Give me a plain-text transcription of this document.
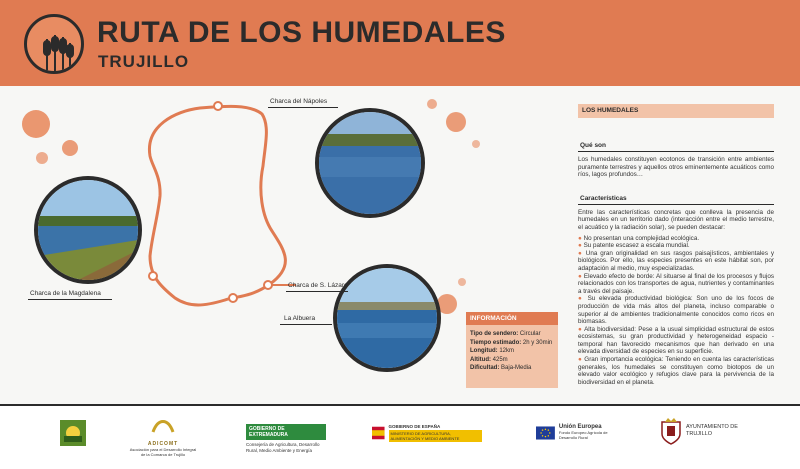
RUTA DE LOS HUMEDALES
TRUJILLO
Charca del Nápoles
Charca de la Magdalena
Charca de S. Lázaro
La Albuera	INFORMACIÓN
Tipo de sendero: Circular
Tiempo estimado: 2h y 30min
Longitud: 12km
Altitud: 425m
Dificultad: Baja-Media
LOS HUMEDALES
Qué son
Los humedales constituyen ecotonos de transición entre ambientes puramente terrestres y aquellos otros eminentemente acuáticos como ríos, lagos profundos…
Características
Entre las características concretas que conlleva la presencia de humedales en un territorio dado (interacción entre el medio terrestre, el acuático y la radiación solar), se pueden destacar:
● No presentan una complejidad ecológica.
● Su patente escasez a escala mundial.
● Una gran originalidad en sus rasgos paisajísticos, ambientales y biológicos. Por ello, las especies presentes en este hábitat son, por adaptación al medio, muy especializadas.
● Elevado efecto de borde: Al situarse al final de los procesos y flujos relacionados con los transportes de agua, nutrientes y contaminantes a través del paisaje.
● Su elevada productividad biológica: Son uno de los focos de producción de vida más altos del planeta, incluso comparable o superior al de ambientes tradicionalmente conocidos como ricos en biomasas.
● Alta biodiversidad: Pese a la usual simplicidad estructural de estos ecosistemas, su gran productividad y heterogeneidad espacio - temporal han favorecido mecanismos que han derivado en una elevada diversidad de especies en su superficie.
● Gran importancia ecológica: Teniendo en cuenta las características generales, los humedales se constituyen como biotopos de un elevado valor ecológico y refugios clave para la pervivencia de la biodiversidad en el planeta.
ADICOMT
Asociación para el Desarrollo Integral de la Comarca de Trujillo
GOBIERNO DE EXTREMADURA
Consejería de Agricultura, Desarrollo Rural, Medio Ambiente y Energía
GOBIERNO DE ESPAÑA
MINISTERIO DE AGRICULTURA, ALIMENTACIÓN Y MEDIO AMBIENTE
Unión Europea
Fondo Europeo Agrícola de Desarrollo Rural
AYUNTAMIENTO DE TRUJILLO
